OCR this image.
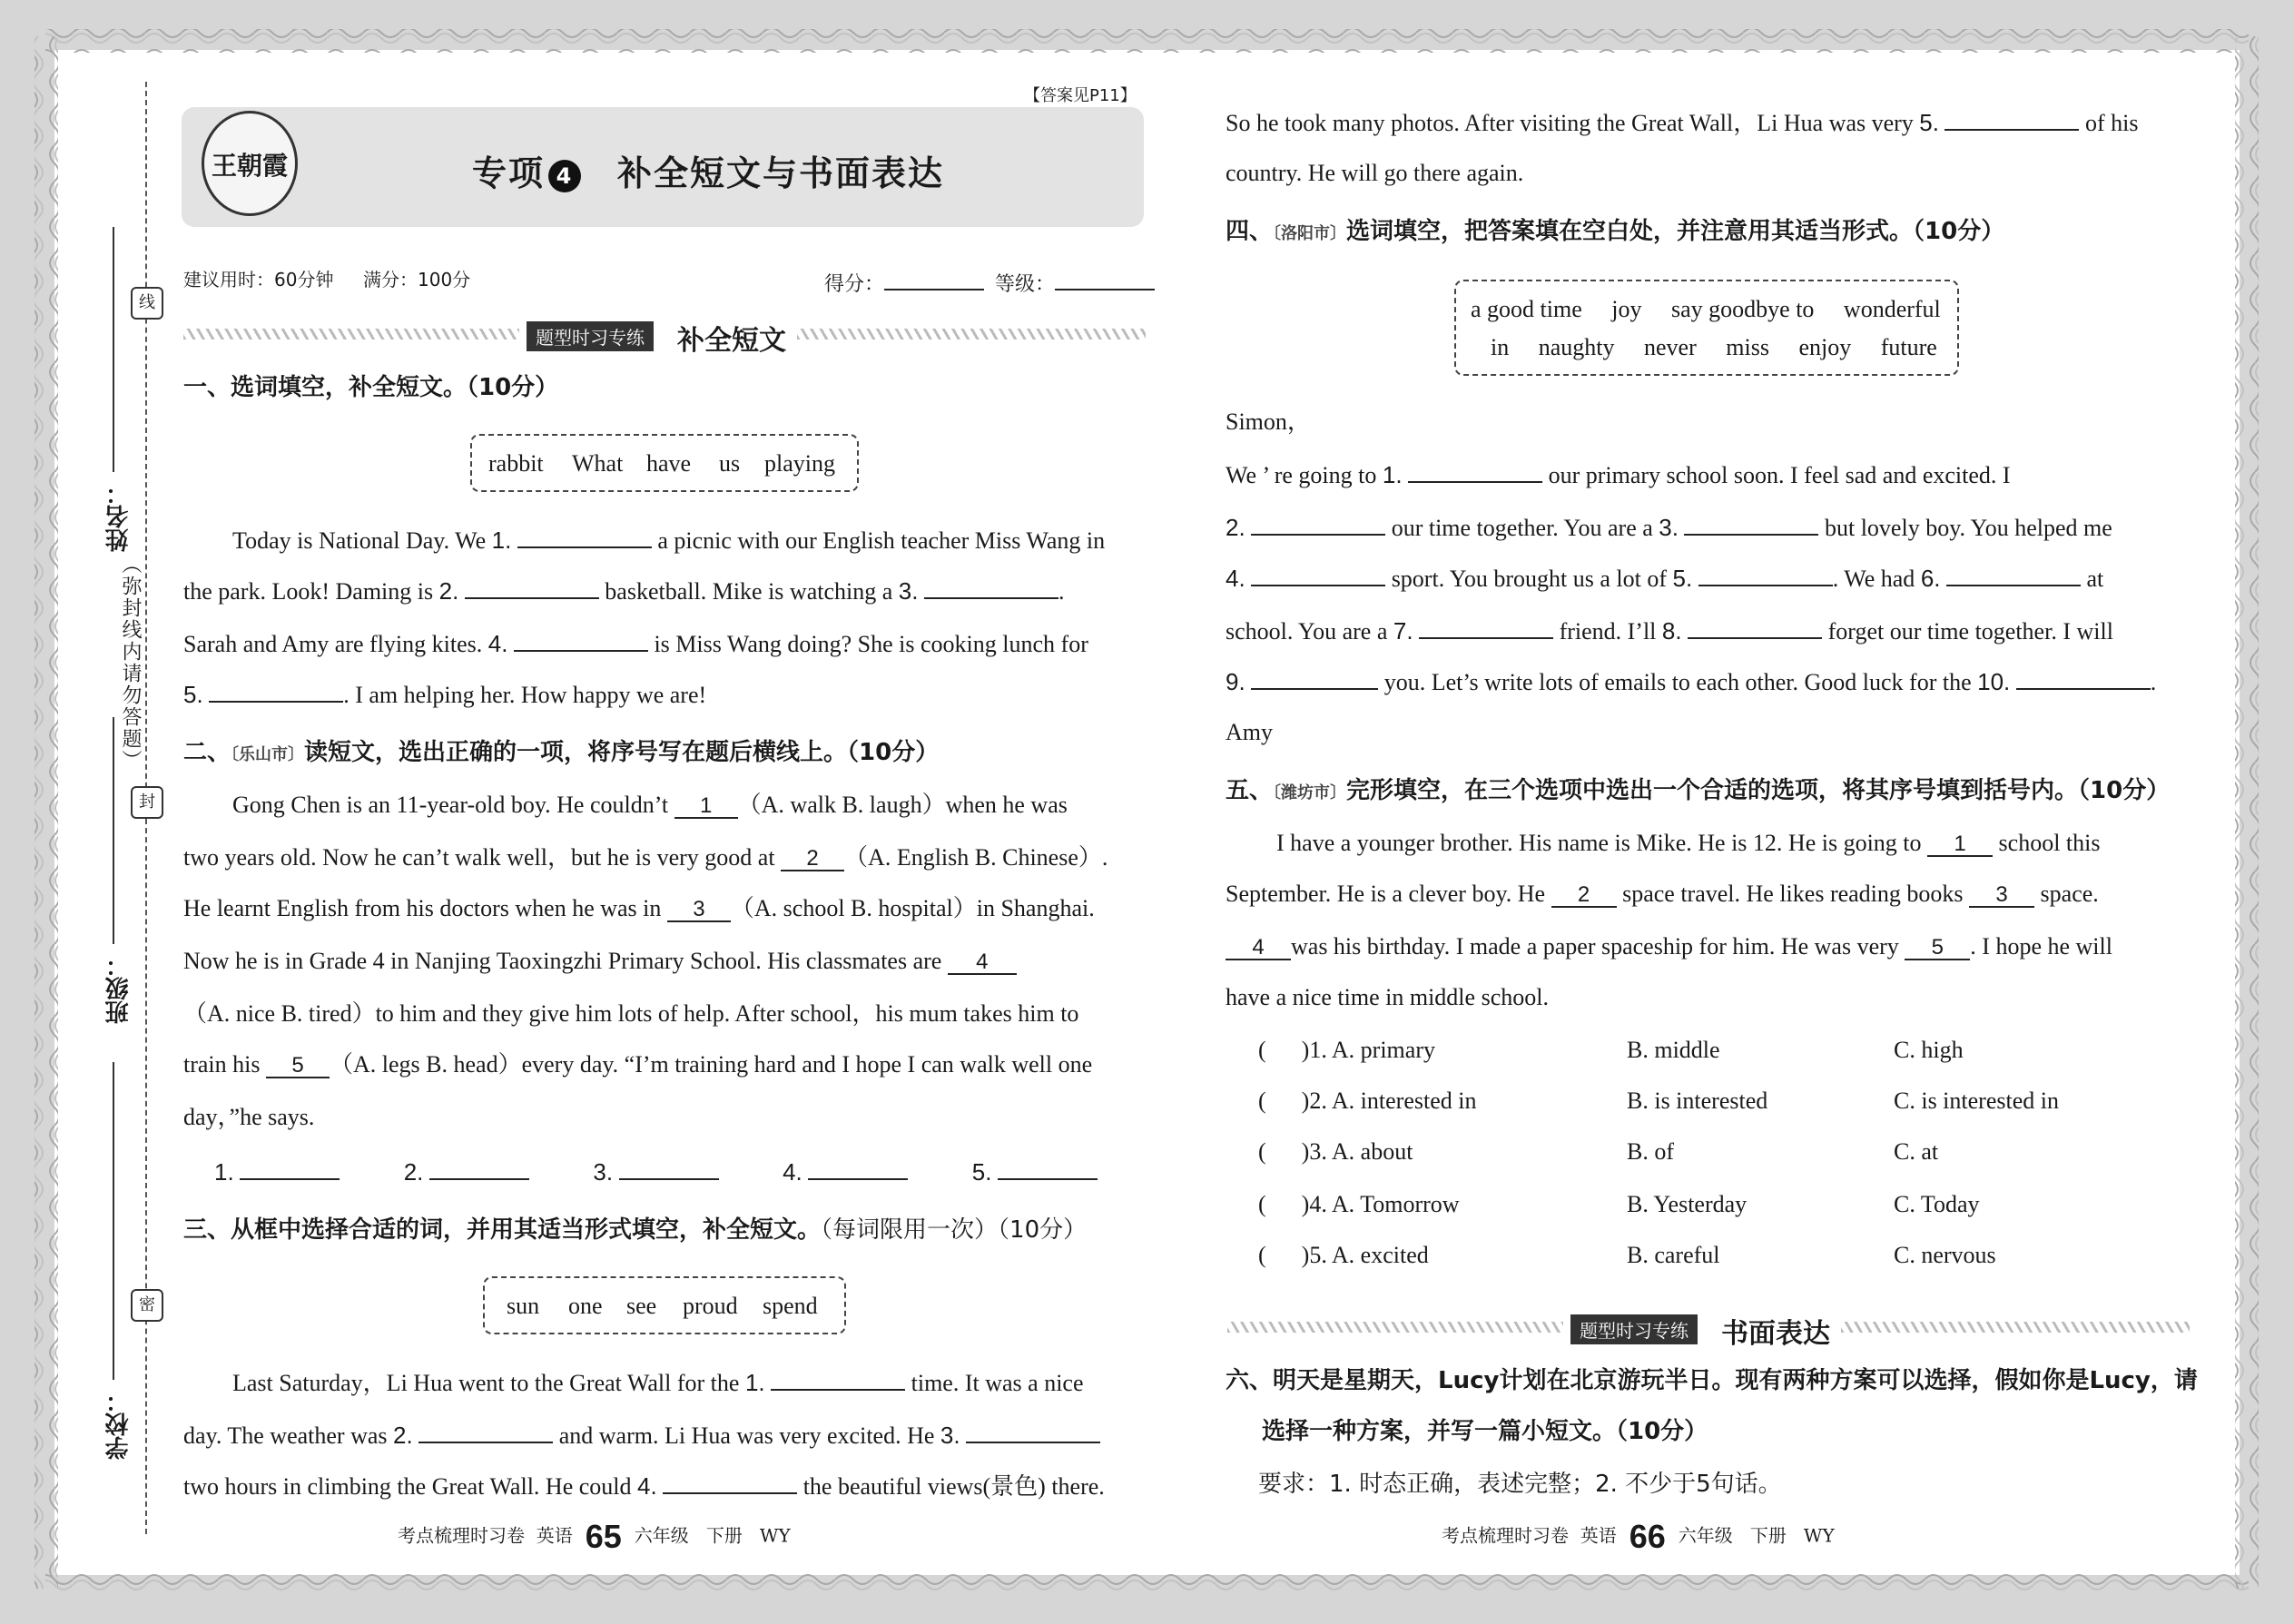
姓名：
班级：
学校：
线
封
密
（弥封线内请勿答题）
【答案见P11】
王朝霞	专项 4 补全短文与书面表达
建议用时：60分钟 满分：100分	得分：	等级：
题型时习专练	补全短文
一、选词填空，补全短文。（10分）
rabbit What have us playing
Today is National Day. We 1.	a picnic with our English teacher Miss Wang in
the park. Look! Daming is 2.	basketball. Mike is watching a 3.	.
Sarah and Amy are flying kites. 4.	is Miss Wang doing? She is cooking lunch for
5.	. I am helping her. How happy we are!
二、〔乐山市〕读短文，选出正确的一项，将序号写在题后横线上。（10分）
Gong Chen is an 11-year-old boy. He couldn’t 1 （A. walk B. laugh）when he was
two years old. Now he can’t walk well，but he is very good at 2 （A. English B. Chinese）.
He learnt English from his doctors when he was in 3 （A. school B. hospital）in Shanghai.
Now he is in Grade 4 in Nanjing Taoxingzhi Primary School. His classmates are 4
（A. nice B. tired）to him and they give him lots of help. After school，his mum takes him to
train his 5 （A. legs B. head）every day. “I’m training hard and I hope I can walk well one
day，”he says.
1.	2.	3.	4.	5.
三、从框中选择合适的词，并用其适当形式填空，补全短文。（每词限用一次）（10分）
sun one see proud spend
Last Saturday，Li Hua went to the Great Wall for the 1.	time. It was a nice
day. The weather was 2.	and warm. Li Hua was very excited. He 3.
two hours in climbing the Great Wall. He could 4.	the beautiful views(景色) there.
考点梳理时习卷 英语 65 六年级 下册 WY
So he took many photos. After visiting the Great Wall，Li Hua was very 5.	of his
country. He will go there again.
四、〔洛阳市〕选词填空，把答案填在空白处，并注意用其适当形式。（10分）
a good time joy say goodbye to wonderful
in naughty never miss enjoy future
Simon，
We ’ re going to 1.	our primary school soon. I feel sad and excited. I
2.	our time together. You are a 3.	but lovely boy. You helped me
4.	sport. You brought us a lot of 5.	. We had 6.	at
school. You are a 7.	friend. I’ll 8.	forget our time together. I will
9.	you. Let’s write lots of emails to each other. Good luck for the 10.	.
Amy
五、〔潍坊市〕完形填空，在三个选项中选出一个合适的选项，将其序号填到括号内。（10分）
I have a younger brother. His name is Mike. He is 12. He is going to 1 school this
September. He is a clever boy. He 2 space travel. He likes reading books 3 space.
4 was his birthday. I made a paper spaceship for him. He was very 5 . I hope he will
have a nice time in middle school.
(      )1. A. primary	B. middle	C. high
(      )2. A. interested in	B. is interested	C. is interested in
(      )3. A. about	B. of	C. at
(      )4. A. Tomorrow	B. Yesterday	C. Today
(      )5. A. excited	B. careful	C. nervous
题型时习专练	书面表达
六、明天是星期天，Lucy计划在北京游玩半日。现有两种方案可以选择，假如你是Lucy，请
选择一种方案，并写一篇小短文。（10分）
要求：1. 时态正确，表述完整；2. 不少于5句话。
考点梳理时习卷 英语 66 六年级 下册 WY
